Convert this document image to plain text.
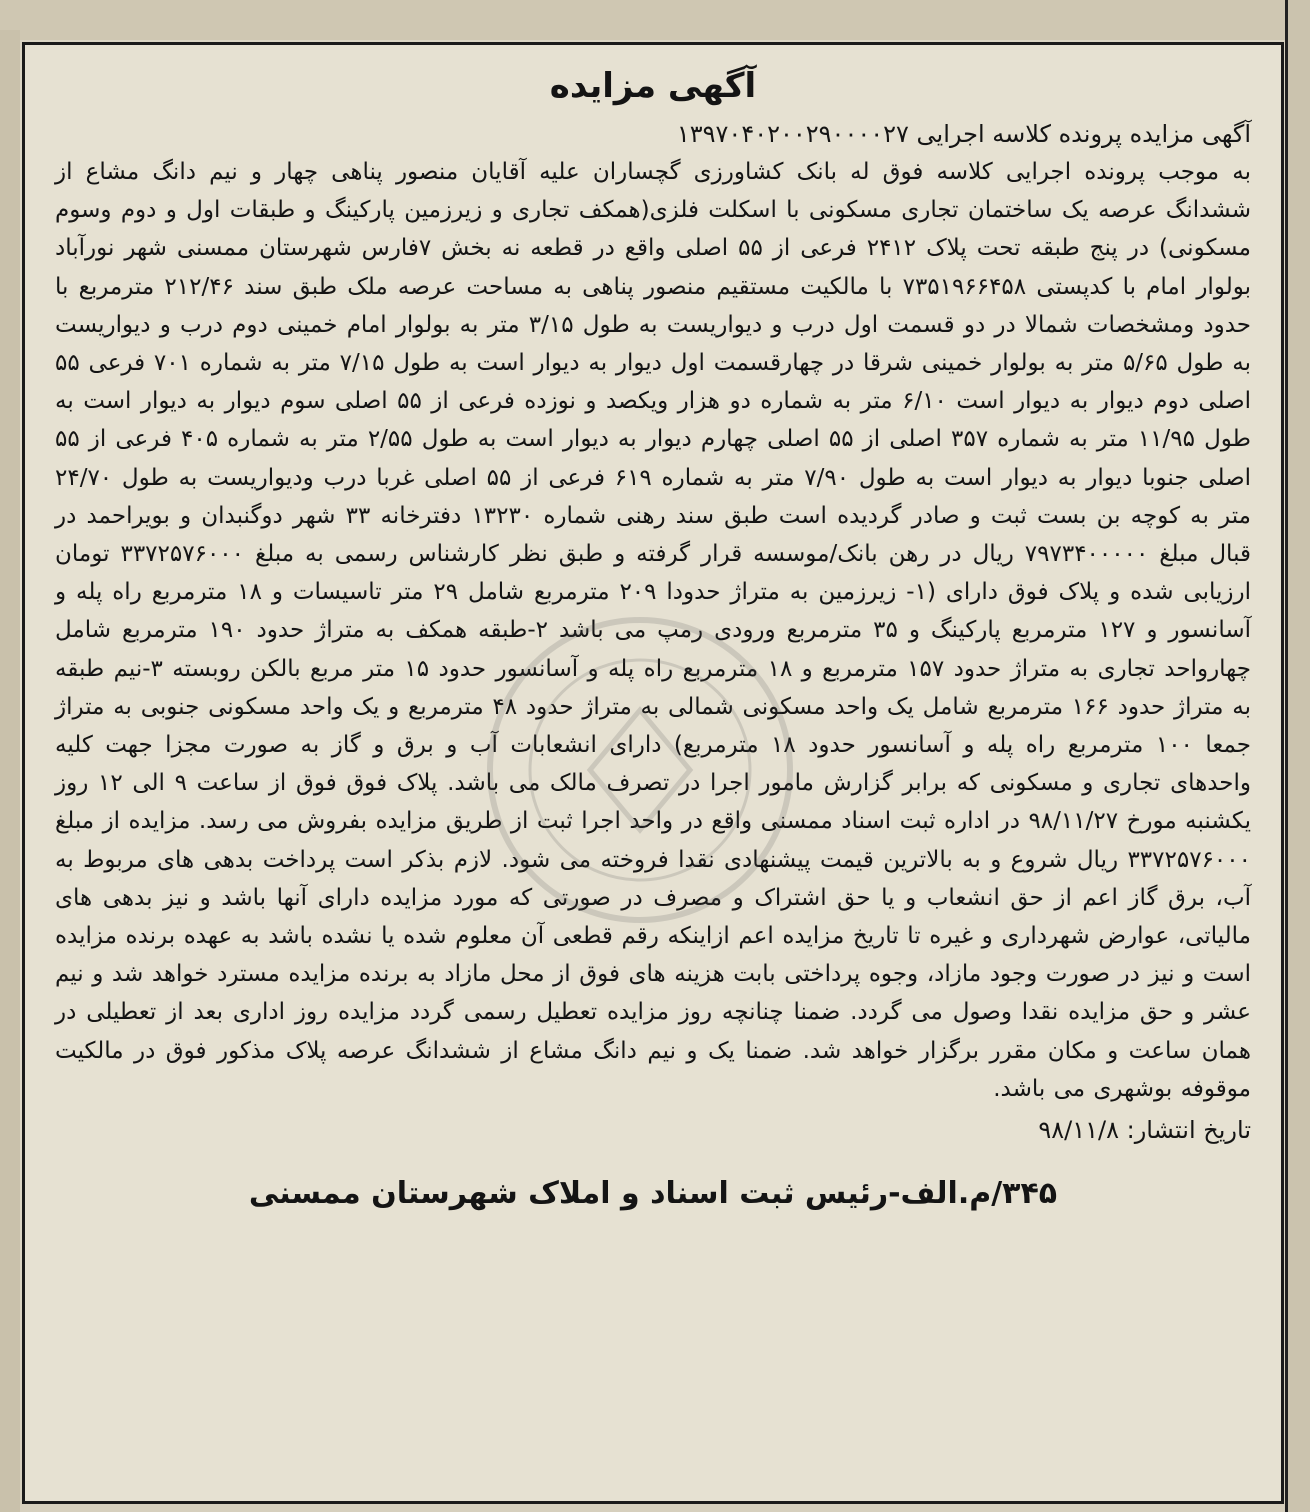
آگهی مزایده

آگهی مزایده پرونده کلاسه اجرایی ۱۳۹۷۰۴۰۲۰۰۲۹۰۰۰۰۲۷

به موجب پرونده اجرایی کلاسه فوق له بانک کشاورزی گچساران علیه آقایان منصور پناهی چهار و نیم دانگ مشاع از ششدانگ عرصه یک ساختمان تجاری مسکونی با اسکلت فلزی(همکف تجاری و زیرزمین پارکینگ و طبقات اول و دوم وسوم مسکونی) در پنج طبقه تحت پلاک ۲۴۱۲ فرعی از ۵۵ اصلی واقع در قطعه نه بخش ۷فارس شهرستان ممسنی شهر نورآباد بولوار امام با کدپستی ۷۳۵۱۹۶۶۴۵۸ با مالکیت مستقیم منصور پناهی به مساحت عرصه ملک طبق سند ۲۱۲/۴۶ مترمربع با حدود ومشخصات شمالا در دو قسمت اول درب و دیواریست به طول ۳/۱۵ متر به بولوار امام خمینی دوم درب و دیواریست به طول ۵/۶۵ متر به بولوار خمینی شرقا در چهارقسمت اول دیوار به دیوار است به طول ۷/۱۵ متر به شماره ۷۰۱ فرعی ۵۵ اصلی دوم دیوار به دیوار است ۶/۱۰ متر به شماره دو هزار ویکصد و نوزده فرعی از ۵۵ اصلی سوم دیوار به دیوار است به طول ۱۱/۹۵ متر به شماره ۳۵۷ اصلی از ۵۵ اصلی چهارم دیوار به دیوار است به طول ۲/۵۵ متر به شماره ۴۰۵ فرعی از ۵۵ اصلی جنوبا دیوار به دیوار است به طول ۷/۹۰ متر به شماره ۶۱۹ فرعی از ۵۵ اصلی غربا درب ودیواریست به طول ۲۴/۷۰ متر به کوچه بن بست ثبت و صادر گردیده است طبق سند رهنی شماره ۱۳۲۳۰ دفترخانه ۳۳ شهر دوگنبدان و بویراحمد در قبال مبلغ ۷۹۷۳۴۰۰۰۰۰ ریال در رهن بانک/موسسه قرار گرفته و طبق نظر کارشناس رسمی به مبلغ ۳۳۷۲۵۷۶۰۰۰ تومان ارزیابی شده و پلاک فوق دارای (۱- زیرزمین به متراژ حدودا ۲۰۹ مترمربع شامل ۲۹ متر تاسیسات و ۱۸ مترمربع راه پله و آسانسور و ۱۲۷ مترمربع پارکینگ و ۳۵ مترمربع ورودی رمپ می باشد ۲-طبقه همکف به متراژ حدود ۱۹۰ مترمربع شامل چهارواحد تجاری به متراژ حدود ۱۵۷ مترمربع و ۱۸ مترمربع راه پله و آسانسور حدود ۱۵ متر مربع بالکن روبسته ۳-نیم طبقه به متراژ حدود ۱۶۶ مترمربع شامل یک واحد مسکونی شمالی به متراژ حدود ۴۸ مترمربع و یک واحد مسکونی جنوبی به متراژ جمعا ۱۰۰ مترمربع راه پله و آسانسور حدود ۱۸ مترمربع) دارای انشعابات آب و برق و گاز به صورت مجزا جهت کلیه واحدهای تجاری و مسکونی که برابر گزارش مامور اجرا در تصرف مالک می باشد. پلاک فوق فوق از ساعت ۹ الی ۱۲ روز یکشنبه مورخ ۹۸/۱۱/۲۷ در اداره ثبت اسناد ممسنی واقع در واحد اجرا ثبت از طریق مزایده بفروش می رسد. مزایده از مبلغ ۳۳۷۲۵۷۶۰۰۰ ریال شروع و به بالاترین قیمت پیشنهادی نقدا فروخته می شود. لازم بذکر است پرداخت بدهی های مربوط به آب، برق گاز اعم از حق انشعاب و یا حق اشتراک و مصرف در صورتی که مورد مزایده دارای آنها باشد و نیز بدهی های مالیاتی، عوارض شهرداری و غیره تا تاریخ مزایده اعم ازاینکه رقم قطعی آن معلوم شده یا نشده باشد به عهده برنده مزایده است و نیز در صورت وجود مازاد، وجوه پرداختی بابت هزینه های فوق از محل مازاد به برنده مزایده مسترد خواهد شد و نیم عشر و حق مزایده نقدا وصول می گردد. ضمنا چنانچه روز مزایده تعطیل رسمی گردد مزایده روز اداری بعد از تعطیلی در همان ساعت و مکان مقرر برگزار خواهد شد. ضمنا یک و نیم دانگ مشاع از ششدانگ عرصه پلاک مذکور فوق در مالکیت موقوفه بوشهری می باشد.

تاریخ انتشار: ۹۸/۱۱/۸

۳۴۵/م.الف-رئیس ثبت اسناد و املاک شهرستان ممسنی
